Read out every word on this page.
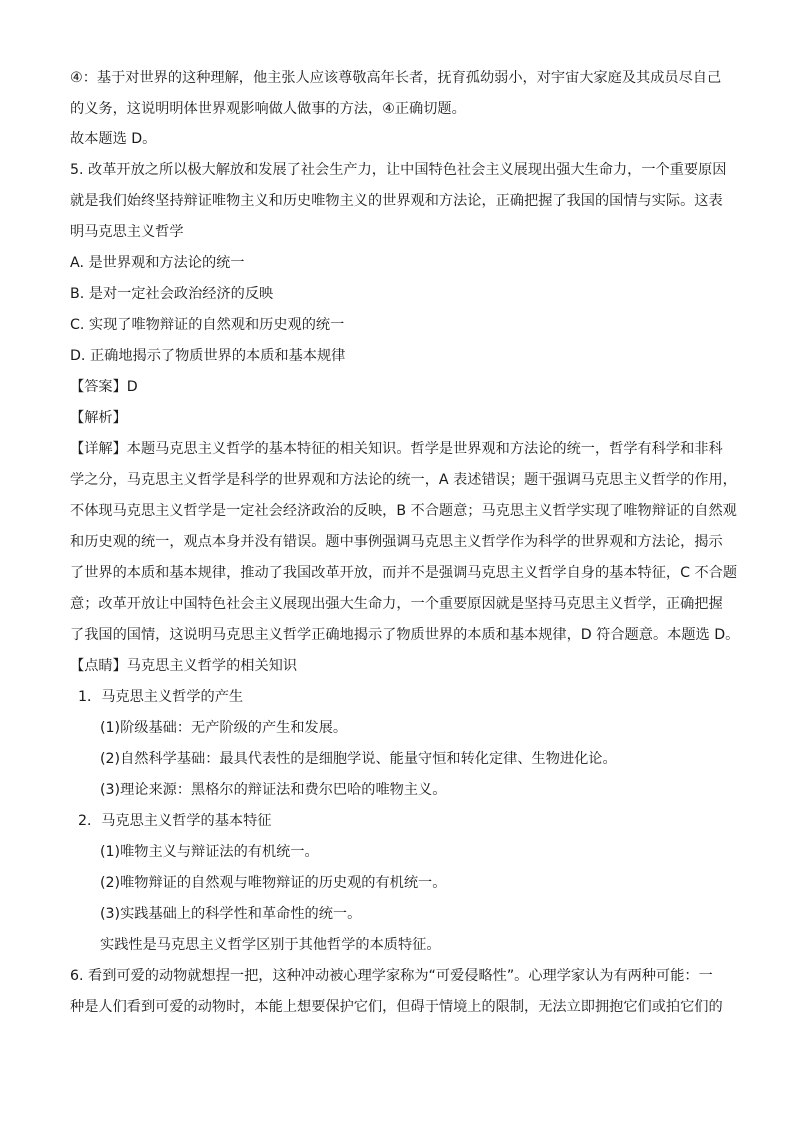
④：基于对世界的这种理解，他主张人应该尊敬高年长者，抚育孤幼弱小，对宇宙大家庭及其成员尽自己
的义务，这说明明体世界观影响做人做事的方法，④正确切题。
故本题选 D。
5. 改革开放之所以极大解放和发展了社会生产力，让中国特色社会主义展现出强大生命力，一个重要原因
就是我们始终坚持辩证唯物主义和历史唯物主义的世界观和方法论，正确把握了我国的国情与实际。这表
明马克思主义哲学
A. 是世界观和方法论的统一
B. 是对一定社会政治经济的反映
C. 实现了唯物辩证的自然观和历史观的统一
D. 正确地揭示了物质世界的本质和基本规律
【答案】D
【解析】
【详解】本题马克思主义哲学的基本特征的相关知识。哲学是世界观和方法论的统一，哲学有科学和非科
学之分，马克思主义哲学是科学的世界观和方法论的统一，A 表述错误；题干强调马克思主义哲学的作用，
不体现马克思主义哲学是一定社会经济政治的反映，B 不合题意；马克思主义哲学实现了唯物辩证的自然观
和历史观的统一，观点本身并没有错误。题中事例强调马克思主义哲学作为科学的世界观和方法论，揭示
了世界的本质和基本规律，推动了我国改革开放，而并不是强调马克思主义哲学自身的基本特征，C 不合题
意；改革开放让中国特色社会主义展现出强大生命力，一个重要原因就是坚持马克思主义哲学，正确把握
了我国的国情，这说明马克思主义哲学正确地揭示了物质世界的本质和基本规律，D 符合题意。本题选 D。
【点睛】马克思主义哲学的相关知识
1．马克思主义哲学的产生
(1)阶级基础：无产阶级的产生和发展。
(2)自然科学基础：最具代表性的是细胞学说、能量守恒和转化定律、生物进化论。
(3)理论来源：黑格尔的辩证法和费尔巴哈的唯物主义。
2．马克思主义哲学的基本特征
(1)唯物主义与辩证法的有机统一。
(2)唯物辩证的自然观与唯物辩证的历史观的有机统一。
(3)实践基础上的科学性和革命性的统一。
实践性是马克思主义哲学区别于其他哲学的本质特征。
6. 看到可爱的动物就想捏一把，这种冲动被心理学家称为“可爱侵略性”。心理学家认为有两种可能：一
种是人们看到可爱的动物时，本能上想要保护它们，但碍于情境上的限制，无法立即拥抱它们或拍它们的
